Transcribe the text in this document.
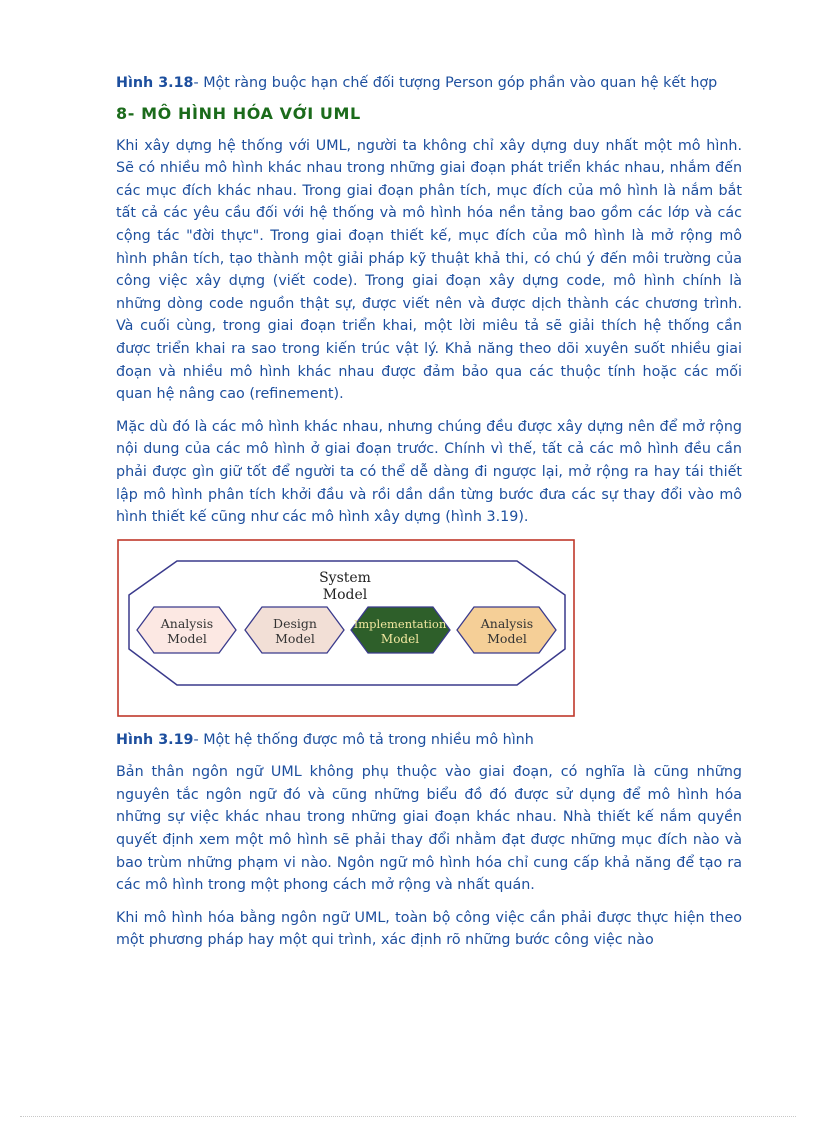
Hình 3.18- Một ràng buộc hạn chế đối tượng Person góp phần vào quan hệ kết hợp

8- MÔ HÌNH HÓA VỚI UML

Khi xây dựng hệ thống với UML, người ta không chỉ xây dựng duy nhất một mô hình. Sẽ có nhiều mô hình khác nhau trong những giai đoạn phát triển khác nhau, nhắm đến các mục đích khác nhau. Trong giai đoạn phân tích, mục đích của mô hình là nắm bắt tất cả các yêu cầu đối với hệ thống và mô hình hóa nền tảng bao gồm các lớp và các cộng tác "đời thực". Trong giai đoạn thiết kế, mục đích của mô hình là mở rộng mô hình phân tích, tạo thành một giải pháp kỹ thuật khả thi, có chú ý đến môi trường của công việc xây dựng (viết code). Trong giai đoạn xây dựng code, mô hình chính là những dòng code nguồn thật sự, được viết nên và được dịch thành các chương trình. Và cuối cùng, trong giai đoạn triển khai, một lời miêu tả sẽ giải thích hệ thống cần được triển khai ra sao trong kiến trúc vật lý. Khả năng theo dõi xuyên suốt nhiều giai đoạn và nhiều mô hình khác nhau được đảm bảo qua các thuộc tính hoặc các mối quan hệ nâng cao (refinement).

Mặc dù đó là các mô hình khác nhau, nhưng chúng đều được xây dựng nên để mở rộng nội dung của các mô hình ở giai đoạn trước. Chính vì thế, tất cả các mô hình đều cần phải được gìn giữ tốt để người ta có thể dễ dàng đi ngược lại, mở rộng ra hay tái thiết lập mô hình phân tích khởi đầu và rồi dần dần từng bước đưa các sự thay đổi vào mô hình thiết kế cũng như các mô hình xây dựng (hình 3.19).

System
Model
Analysis
Model
Design
Model
Implementation
Model
Analysis
Model

Hình 3.19- Một hệ thống được mô tả trong nhiều mô hình

Bản thân ngôn ngữ UML không phụ thuộc vào giai đoạn, có nghĩa là cũng những nguyên tắc ngôn ngữ đó và cũng những biểu đồ đó được sử dụng để mô hình hóa những sự việc khác nhau trong những giai đoạn khác nhau. Nhà thiết kế nắm quyền quyết định xem một mô hình sẽ phải thay đổi nhằm đạt được những mục đích nào và bao trùm những phạm vi nào. Ngôn ngữ mô hình hóa chỉ cung cấp khả năng để tạo ra các mô hình trong một phong cách mở rộng và nhất quán.

Khi mô hình hóa bằng ngôn ngữ UML, toàn bộ công việc cần phải được thực hiện theo một phương pháp hay một qui trình, xác định rõ những bước công việc nào
